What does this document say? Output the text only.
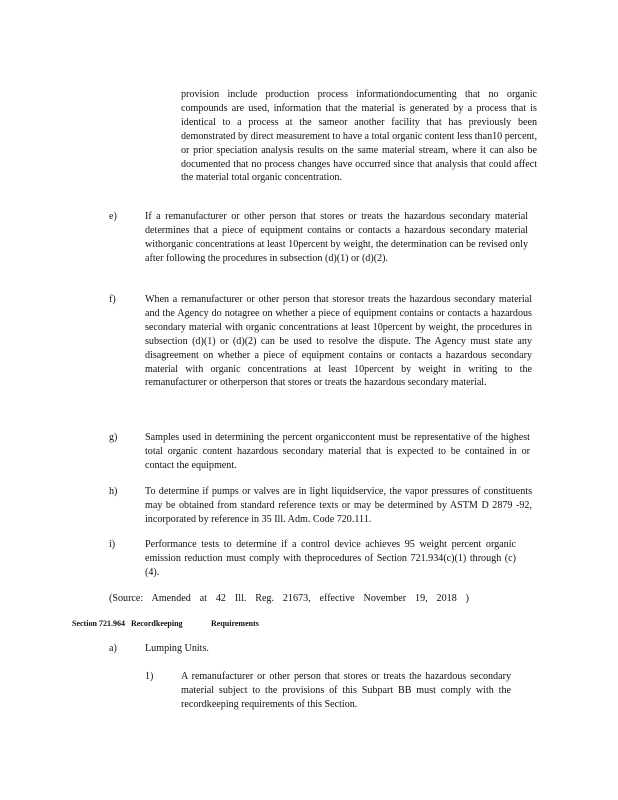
provision include production process informationdocumenting that no organic compounds are used, information that the material is generated by a process that is identical to a process at the sameor another facility that has previously been demonstrated by direct measurement to have a total organic content less than10 percent, or prior speciation analysis results on the same material stream, where it can also be documented that no process changes have occurred since that analysis that could affect the material total organic concentration.
e)	If a remanufacturer or other person that stores or treats the hazardous secondary material determines that a piece of equipment contains or contacts a hazardous secondary material withorganic concentrations at least 10percent by weight, the determination can be revised only after following the procedures in subsection (d)(1) or (d)(2).
f)	When a remanufacturer or other person that storesor treats the hazardous secondary material and the Agency do notagree on whether a piece of equipment contains or contacts a hazardous secondary material with organic concentrations at least 10percent by weight, the procedures in subsection (d)(1) or (d)(2) can be used to resolve the dispute. The Agency must state any disagreement on whether a piece of equipment contains or contacts a hazardous secondary material with organic concentrations at least 10percent by weight in writing to the remanufacturer or otherperson that stores or treats the hazardous secondary material.
g)	Samples used in determining the percent organiccontent must be representative of the highest total organic content hazardous secondary material that is expected to be contained in or contact the equipment.
h)	To determine if pumps or valves are in light liquidservice, the vapor pressures of constituents may be obtained from standard reference texts or may be determined by ASTM D 2879 -92, incorporated by reference in 35 Ill. Adm. Code 720.111.
i)	Performance tests to determine if a control device achieves 95 weight percent organic emission reduction must comply with theprocedures of Section 721.934(c)(1) through (c)(4).
(Source: Amended at 42 Ill. Reg. 21673, effective November 19, 2018 )
Section 721.964 Recordkeeping	Requirements
a)	Lumping Units.
1)	A remanufacturer or other person that stores or treats the hazardous secondary material subject to the provisions of this Subpart BB must comply with the recordkeeping requirements of this Section.
